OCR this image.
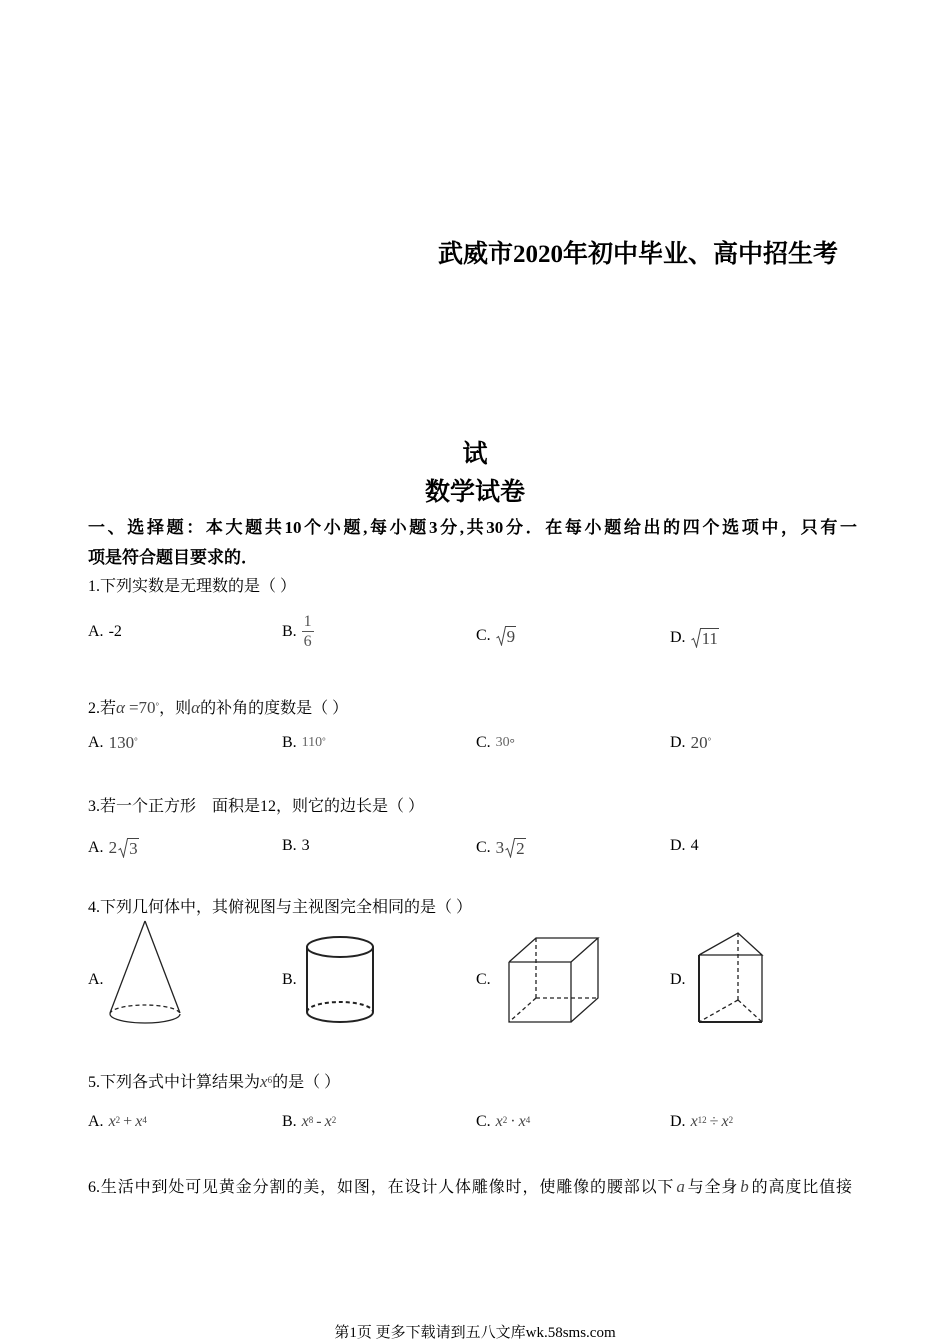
武威市2020年初中毕业、高中招生考
试
数学试卷
一、选择题：本大题共10个小题,每小题3分,共30分．在每小题给出的四个选项中，只有一
项是符合题目要求的．
1.下列实数是无理数的是（ ）
A. -2	B. $\frac{1}{6}$	C. 9	D. 11
2.若α =70°，则α的补角的度数是（ ）
A. 130°	B. 110°	C. 30 °	D. 20°
3.若一个正方形　面积是12，则它的边长是（ ）
A. 2 3	B. 3	C. 3 2	D. 4
4.下列几何体中，其俯视图与主视图完全相同的是（ ）
A.	B.	C.	D.
5.下列各式中计算结果为$x^6$的是（ ）
A. $x^2 + x^4$	B. $x^8 - x^2$	C. $x^2 \cdot x^4$	D. $x^{12} \div x^2$
6.生活中到处可见黄金分割的美，如图，在设计人体雕像时，使雕像的腰部以下 a 与全身 b 的高度比值接
第1页 更多下载请到五八文库wk.58sms.com
